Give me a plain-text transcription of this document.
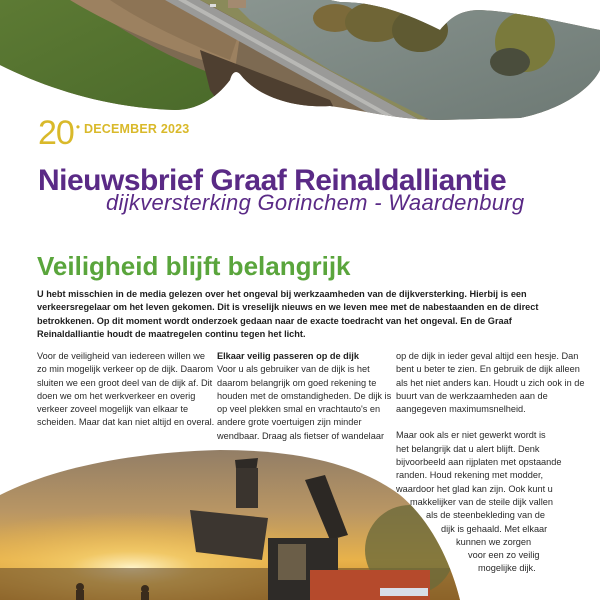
20 • DECEMBER 2023
Nieuwsbrief Graaf Reinaldalliantie
dijkversterking Gorinchem - Waardenburg
Veiligheid blijft belangrijk
U hebt misschien in de media gelezen over het ongeval bij werkzaamheden van de dijkversterking. Hierbij is een verkeersregelaar om het leven gekomen. Dit is vreselijk nieuws en we leven mee met de nabestaanden en de direct betrokkenen. Op dit moment wordt onderzoek gedaan naar de exacte toedracht van het ongeval. En de Graaf Reinaldalliantie houdt de maatregelen continu tegen het licht.
Voor de veiligheid van iedereen willen we zo min mogelijk verkeer op de dijk. Daarom sluiten we een groot deel van de dijk af. Dit doen we om het werkverkeer en overig verkeer zoveel mogelijk van elkaar te scheiden. Maar dat kan niet altijd en overal.
Elkaar veilig passeren op de dijk
Voor u als gebruiker van de dijk is het daarom belangrijk om goed rekening te houden met de omstandigheden. De dijk is op veel plekken smal en vrachtauto's en andere grote voertuigen zijn minder wendbaar. Draag als fietser of wandelaar
op de dijk in ieder geval altijd een hesje. Dan bent u beter te zien. En gebruik de dijk alleen als het niet anders kan. Houdt u zich ook in de buurt van de werkzaamheden aan de aangegeven maximumsnelheid.
Maar ook als er niet gewerkt wordt is
het belangrijk dat u alert blijft. Denk
bijvoorbeeld aan rijplaten met opstaande
randen. Houd rekening met modder,
waardoor het glad kan zijn. Ook kunt u
makkelijker van de steile dijk vallen
als de steenbekleding van de
dijk is gehaald. Met elkaar
kunnen we zorgen
voor een zo veilig
mogelijke dijk.
